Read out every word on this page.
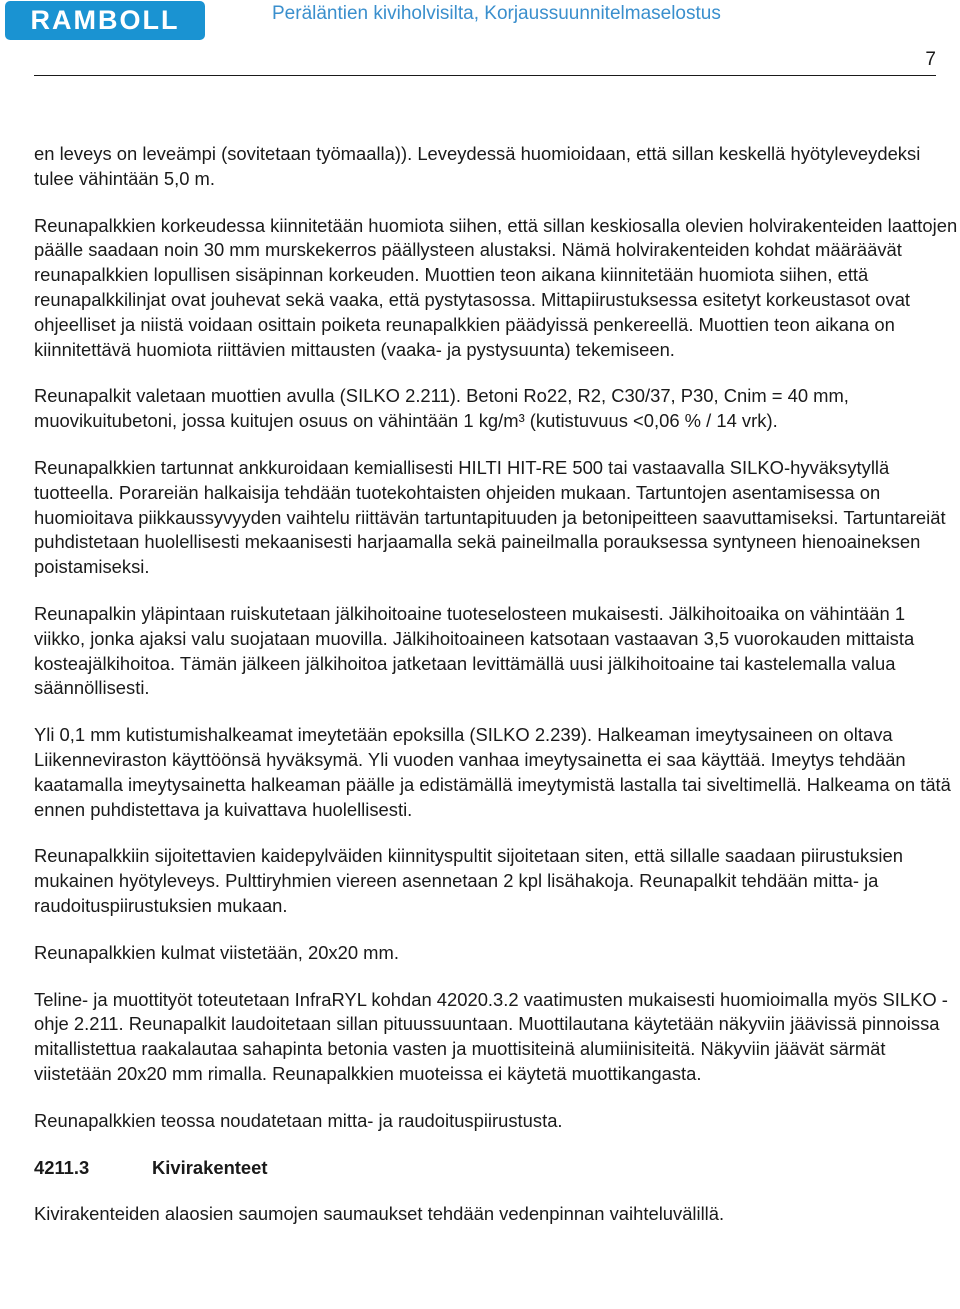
RAMBOLL	Peräläntien kiviholvisilta, Korjaussuunnitelmaselostus
7

en leveys on leveämpi (sovitetaan työmaalla)). Leveydessä huomioidaan, että sillan keskellä hyötyleveydeksi tulee vähintään 5,0 m.

Reunapalkkien korkeudessa kiinnitetään huomiota siihen, että sillan keskiosalla olevien holvirakenteiden laattojen päälle saadaan noin 30 mm murskekerros päällysteen alustaksi. Nämä holvirakenteiden kohdat määräävät reunapalkkien lopullisen sisäpinnan korkeuden. Muottien teon aikana kiinnitetään huomiota siihen, että reunapalkkilinjat ovat jouhevat sekä vaaka, että pystytasossa. Mittapiirustuksessa esitetyt korkeustasot ovat ohjeelliset ja niistä voidaan osittain poiketa reunapalkkien päädyissä penkereellä. Muottien teon aikana on kiinnitettävä huomiota riittävien mittausten (vaaka- ja pystysuunta) tekemiseen.

Reunapalkit valetaan muottien avulla (SILKO 2.211). Betoni Ro22, R2, C30/37, P30, Cnim = 40 mm, muovikuitubetoni, jossa kuitujen osuus on vähintään 1 kg/m³ (kutistuvuus <0,06 % / 14 vrk).

Reunapalkkien tartunnat ankkuroidaan kemiallisesti HILTI HIT-RE 500 tai vastaavalla SILKO-hyväksytyllä tuotteella. Porareiän halkaisija tehdään tuotekohtaisten ohjeiden mukaan. Tartuntojen asentamisessa on huomioitava piikkaussyvyyden vaihtelu riittävän tartuntapituuden ja betonipeitteen saavuttamiseksi. Tartuntareiät puhdistetaan huolellisesti mekaanisesti harjaamalla sekä paineilmalla porauksessa syntyneen hienoaineksen poistamiseksi.

Reunapalkin yläpintaan ruiskutetaan jälkihoitoaine tuoteselosteen mukaisesti. Jälkihoitoaika on vähintään 1 viikko, jonka ajaksi valu suojataan muovilla. Jälkihoitoaineen katsotaan vastaavan 3,5 vuorokauden mittaista kosteajälkihoitoa. Tämän jälkeen jälkihoitoa jatketaan levittämällä uusi jälkihoitoaine tai kastelemalla valua säännöllisesti.

Yli 0,1 mm kutistumishalkeamat imeytetään epoksilla (SILKO 2.239). Halkeaman imeytysaineen on oltava Liikenneviraston käyttöönsä hyväksymä. Yli vuoden vanhaa imeytysainetta ei saa käyttää. Imeytys tehdään kaatamalla imeytysainetta halkeaman päälle ja edistämällä imeytymistä lastalla tai siveltimellä. Halkeama on tätä ennen puhdistettava ja kuivattava huolellisesti.

Reunapalkkiin sijoitettavien kaidepylväiden kiinnityspultit sijoitetaan siten, että sillalle saadaan piirustuksien mukainen hyötyleveys. Pulttiryhmien viereen asennetaan 2 kpl lisähakoja. Reunapalkit tehdään mitta- ja raudoituspiirustuksien mukaan.

Reunapalkkien kulmat viistetään, 20x20 mm.

Teline- ja muottityöt toteutetaan InfraRYL kohdan 42020.3.2 vaatimusten mukaisesti huomioimalla myös SILKO -ohje 2.211. Reunapalkit laudoitetaan sillan pituussuuntaan. Muottilautana käytetään näkyviin jäävissä pinnoissa mitallistettua raakalautaa sahapinta betonia vasten ja muottisiteinä alumiinisiteitä. Näkyviin jäävät särmät viistetään 20x20 mm rimalla. Reunapalkkien muoteissa ei käytetä muottikangasta.

Reunapalkkien teossa noudatetaan mitta- ja raudoituspiirustusta.

4211.3	Kivirakenteet

Kivirakenteiden alaosien saumojen saumaukset tehdään vedenpinnan vaihteluvälillä.
